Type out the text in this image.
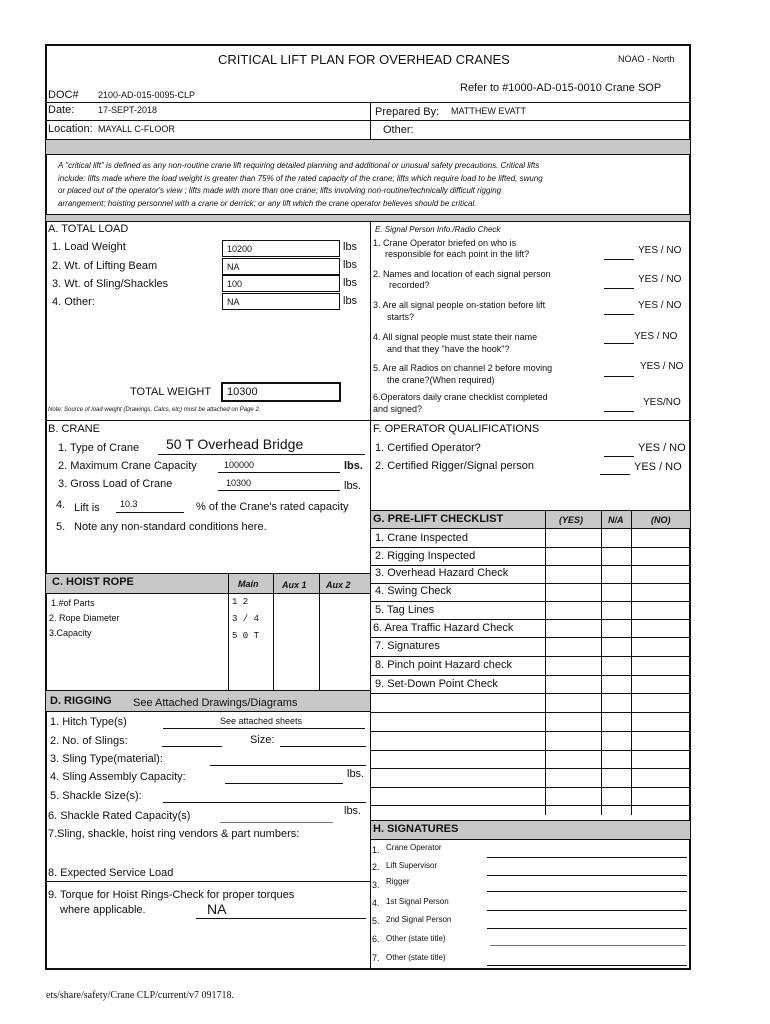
CRITICAL LIFT PLAN FOR OVERHEAD CRANES	NOAO - North
Refer to #1000-AD-015-0010 Crane SOP
DOC# 2100-AD-015-0095-CLP
Date:	17-SEPT-2018	Prepared By: MATTHEW EVATT
Location: MAYALL C-FLOOR	Other:
A "critical lift" is defined as any non-routine crane lift requiring detailed planning and additional or unusual safety precautions. Critical lifts
include: lifts made where the load weight is greater than 75% of the rated capacity of the crane; lifts which require load to be lifted, swung
or placed out of the operator's view ; lifts made with more than one crane; lifts involving non-routine/technically difficult rigging
arrangement; hoisting personnel with a crane or derrick; or any lift which the crane operator believes should be critical.
A. TOTAL LOAD
1. Load Weight	10200	lbs
2. Wt. of Lifting Beam	NA	lbs
3. Wt. of Sling/Shackles	100	lbs
4. Other:	NA	lbs
TOTAL WEIGHT	10300
Note: Source of load weight (Drawings, Calcs, etc) must be attached on Page 2.
E. Signal Person Info./Radio Check
1. Crane Operator briefed on who is
responsible for each point in the lift?	YES / NO
2. Names and location of each signal person
recorded?	YES / NO
3. Are all signal people on-station before lift
starts?
YES / NO
4. All signal people must state their name
and that they "have the hook"?
YES / NO
5. Are all Radios on channel 2 before moving
the crane?(When required)
YES / NO
6.Operators daily crane checklist completed
and signed?
YES/NO
B. CRANE
1. Type of Crane 50 T Overhead Bridge
2. Maximum Crane Capacity	100000	lbs.
3. Gross Load of Crane	10300	lbs.
4. Lift is 10.3	% of the Crane's rated capacity
5. Note any non-standard conditions here.
F. OPERATOR QUALIFICATIONS
1. Certified Operator?	YES / NO
2. Certified Rigger/Signal person	YES / NO
G. PRE-LIFT CHECKLIST	(YES)	N/A	(NO)
1. Crane Inspected
2. Rigging Inspected
3. Overhead Hazard Check
4. Swing Check
5. Tag Lines
6. Area Traffic Hazard Check
7. Signatures
8. Pinch point Hazard check
9. Set-Down Point Check
C. HOIST ROPE	Main	Aux 1 Aux 2
1.#of Parts	1 2
2. Rope Diameter	3 / 4
3.Capacity	5 0 T
D. RIGGING See Attached Drawings/Diagrams
1. Hitch Type(s)	See attached sheets
2. No. of Slings:	Size:
3. Sling Type(material):
4. Sling Assembly Capacity:	lbs.
5. Shackle Size(s):
6. Shackle Rated Capacity(s)	lbs.
7.Sling, shackle, hoist ring vendors & part numbers:
8. Expected Service Load
9. Torque for Hoist Rings-Check for proper torques
where applicable.	NA
H. SIGNATURES
1. Crane Operator
2. Lift Supervisor
3. Rigger
4. 1st Signal Person
5. 2nd Signal Person
6. Other (state title)
7. Other (state title)
ets/share/safety/Crane CLP/current/v7 091718.
